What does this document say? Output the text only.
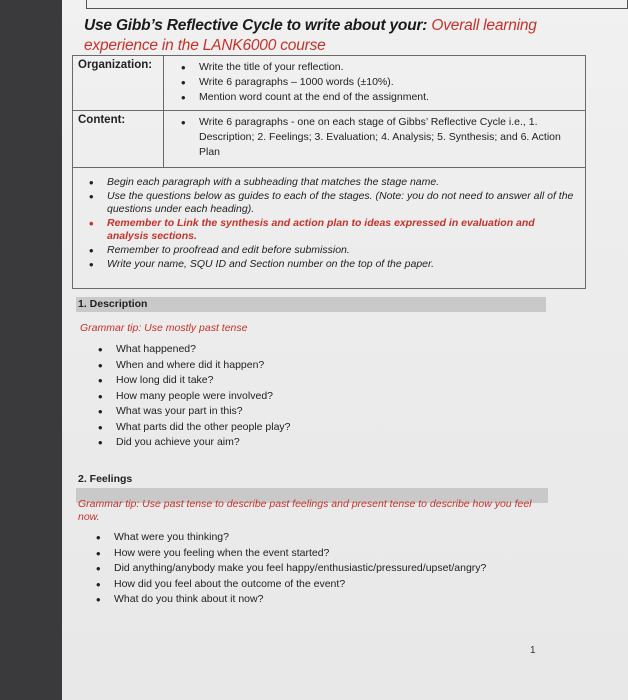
Use Gibb’s Reflective Cycle to write about your: Overall learning
experience in the LANK6000 course
Organization:	• Write the title of your reflection.
• Write 6 paragraphs – 1000 words (±10%).
• Mention word count at the end of the assignment.
Content:	• Write 6 paragraphs - one on each stage of Gibbs’ Reflective Cycle i.e., 1. Description; 2. Feelings; 3. Evaluation; 4. Analysis; 5. Synthesis; and 6. Action Plan
• Begin each paragraph with a subheading that matches the stage name.
• Use the questions below as guides to each of the stages. (Note: you do not need to answer all of the questions under each heading).
• Remember to Link the synthesis and action plan to ideas expressed in evaluation and analysis sections.
• Remember to proofread and edit before submission.
• Write your name, SQU ID and Section number on the top of the paper.
1. Description
Grammar tip: Use mostly past tense
• What happened?
• When and where did it happen?
• How long did it take?
• How many people were involved?
• What was your part in this?
• What parts did the other people play?
• Did you achieve your aim?
2. Feelings
Grammar tip: Use past tense to describe past feelings and present tense to describe how you feel now.
• What were you thinking?
• How were you feeling when the event started?
• Did anything/anybody make you feel happy/enthusiastic/pressured/upset/angry?
• How did you feel about the outcome of the event?
• What do you think about it now?
1
